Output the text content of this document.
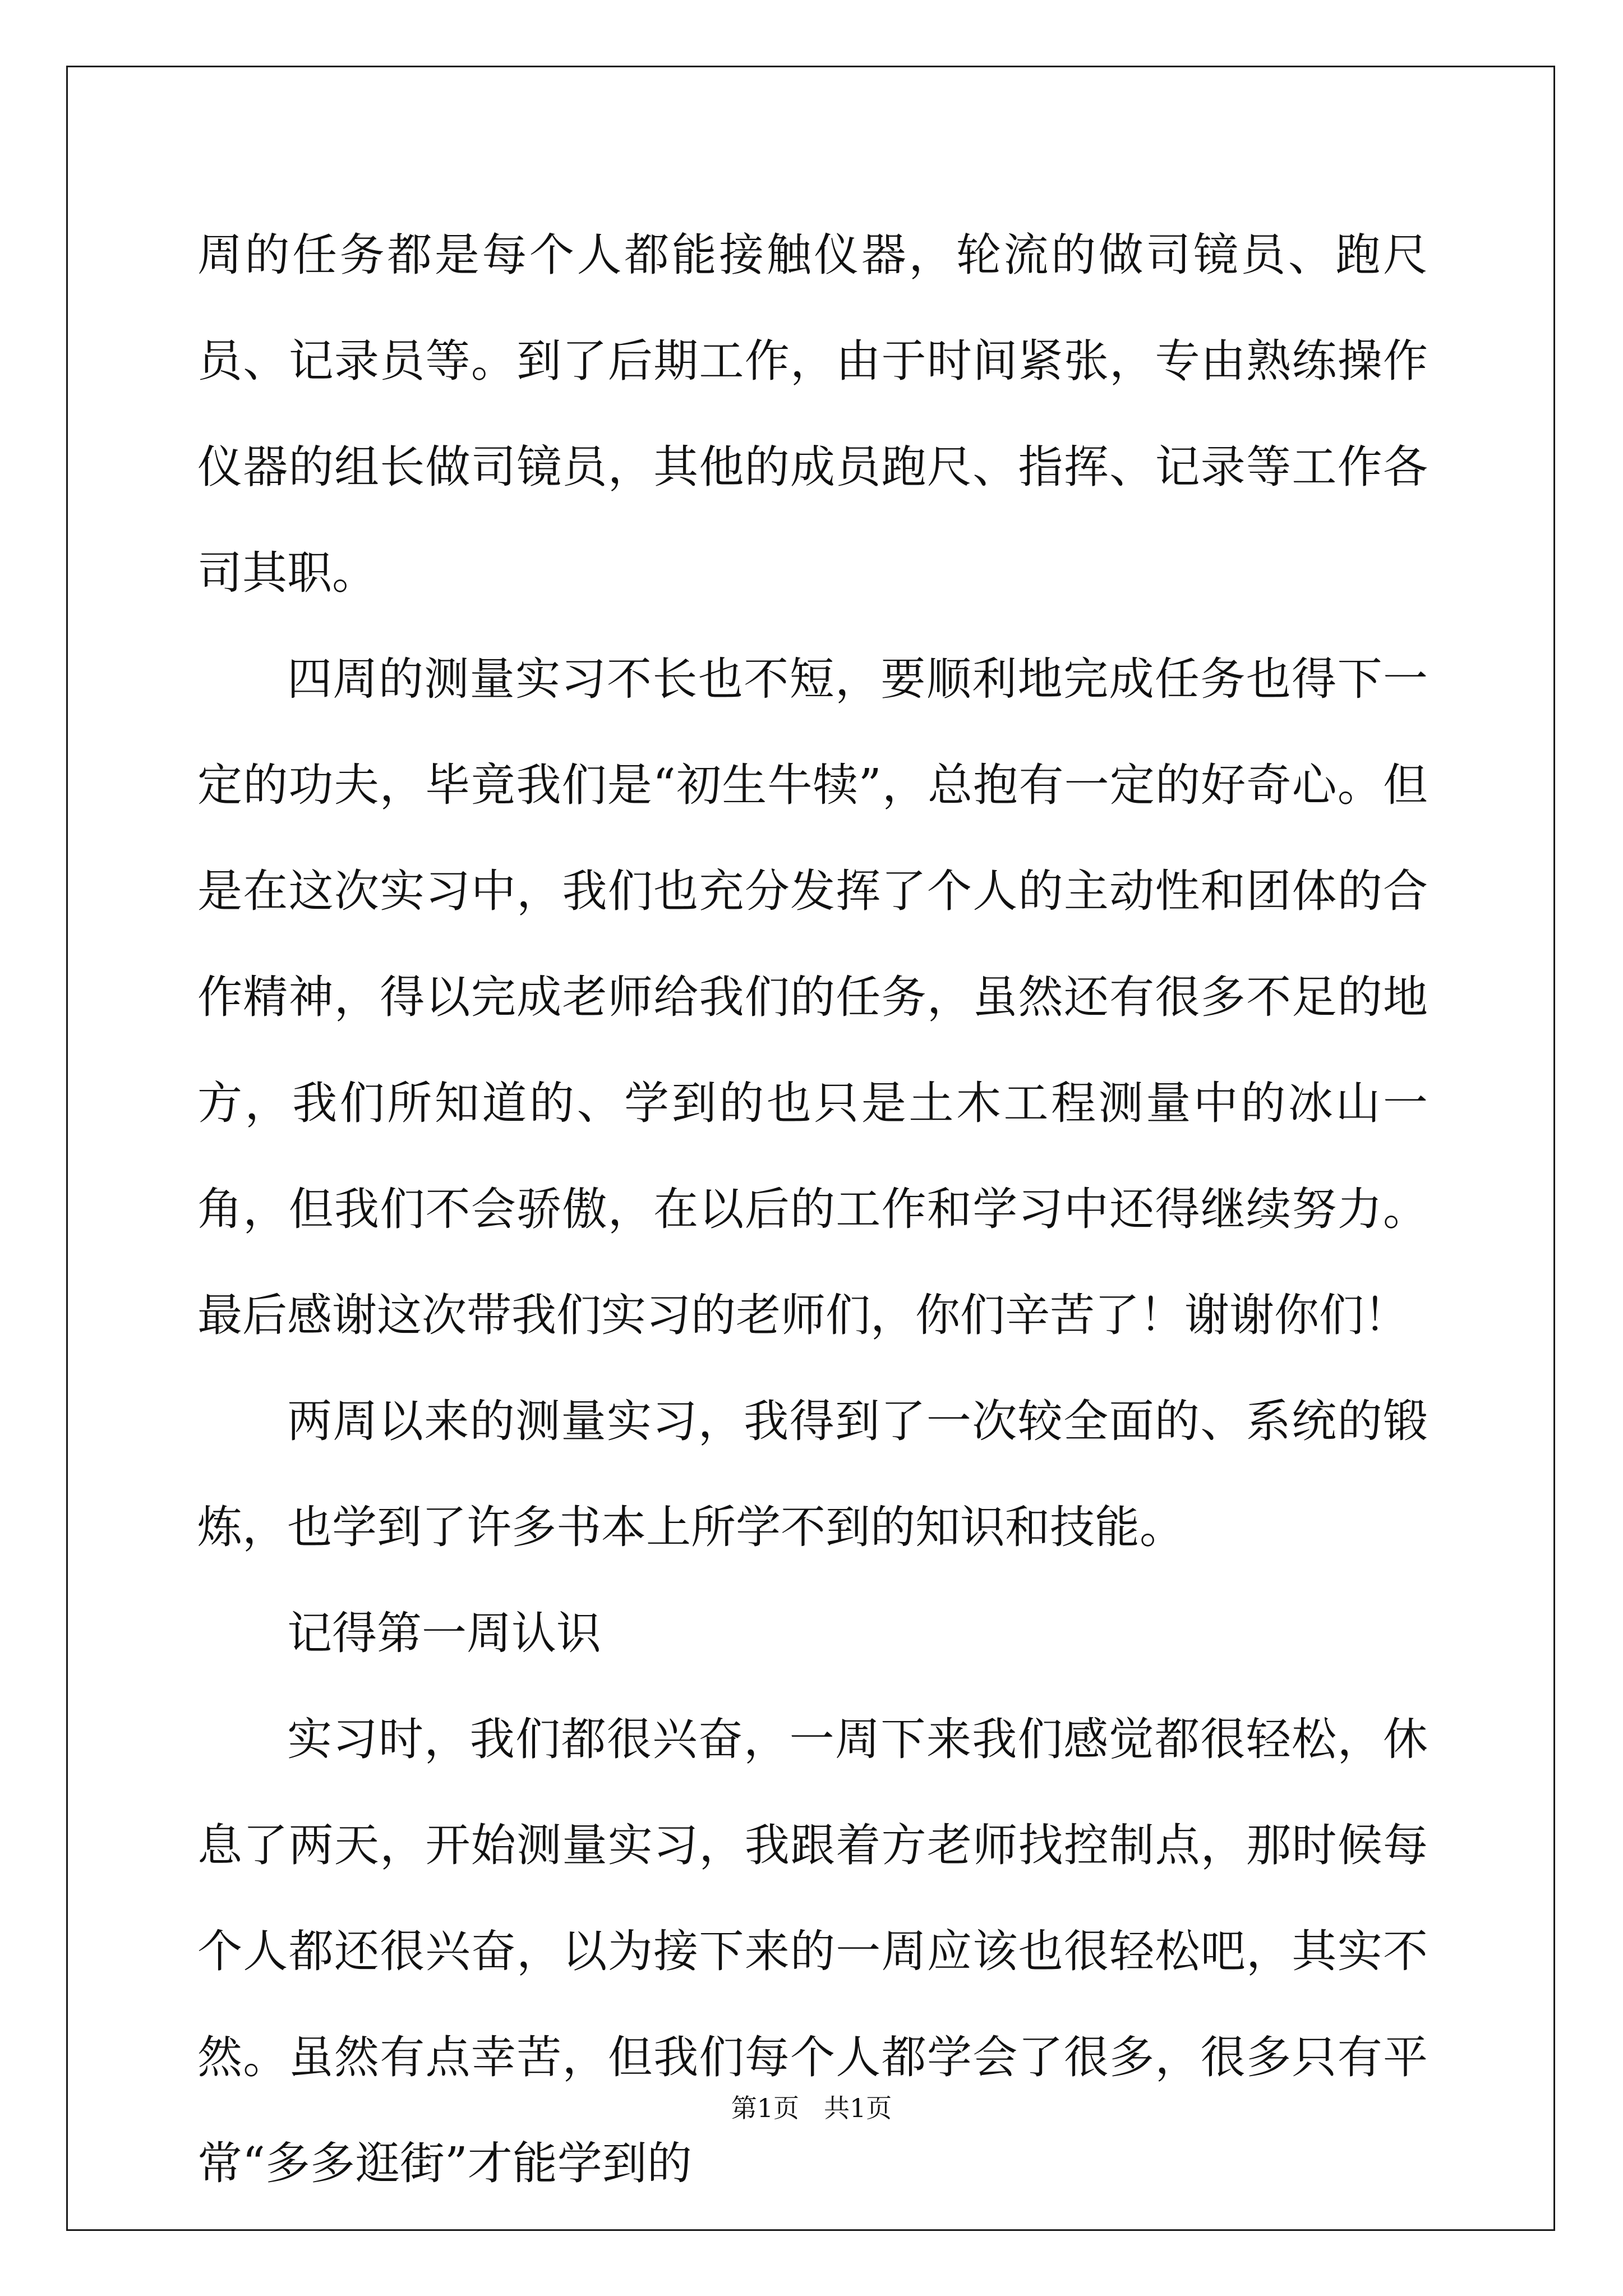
周的任务都是每个人都能接触仪器，轮流的做司镜员、跑尺员、记录员等。到了后期工作，由于时间紧张，专由熟练操作仪器的组长做司镜员，其他的成员跑尺、指挥、记录等工作各司其职。

四周的测量实习不长也不短，要顺利地完成任务也得下一定的功夫，毕竟我们是“初生牛犊”，总抱有一定的好奇心。但是在这次实习中，我们也充分发挥了个人的主动性和团体的合作精神，得以完成老师给我们的任务，虽然还有很多不足的地方，我们所知道的、学到的也只是土木工程测量中的冰山一角，但我们不会骄傲，在以后的工作和学习中还得继续努力。最后感谢这次带我们实习的老师们，你们辛苦了！谢谢你们！

两周以来的测量实习，我得到了一次较全面的、系统的锻炼，也学到了许多书本上所学不到的知识和技能。

记得第一周认识

实习时，我们都很兴奋，一周下来我们感觉都很轻松，休息了两天，开始测量实习，我跟着方老师找控制点，那时候每个人都还很兴奋，以为接下来的一周应该也很轻松吧，其实不然。虽然有点幸苦，但我们每个人都学会了很多，很多只有平常“多多逛街”才能学到的

第1页 共1页
